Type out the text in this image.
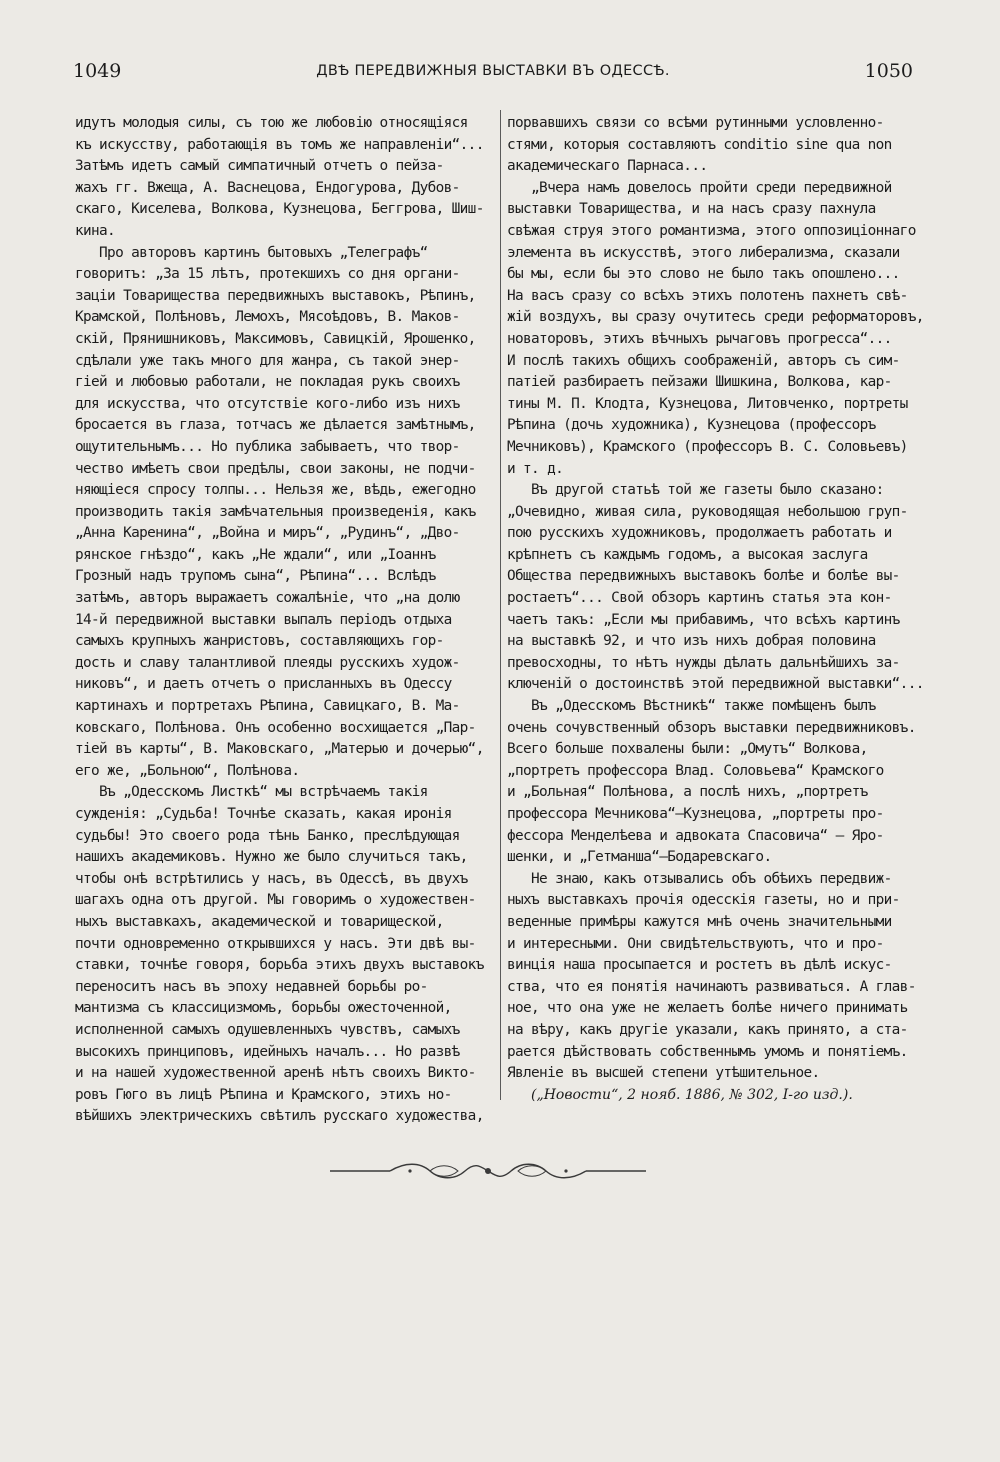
1049	ДВѢ ПЕРЕДВИЖНЫЯ ВЫСТАВКИ ВЪ ОДЕССѢ.	1050
идутъ молодыя силы, съ тою же любовію относящіяся
къ искусству, работающія въ томъ же направленіи“...
Затѣмъ идетъ самый симпатичный отчетъ о пейза-
жахъ гг. Вжеща, А. Васнецова, Ендогурова, Дубов-
скаго, Киселева, Волкова, Кузнецова, Беггрова, Шиш-
кина.
Про авторовъ картинъ бытовыхъ „Телеграфъ“
говоритъ: „За 15 лѣтъ, протекшихъ со дня органи-
заціи Товарищества передвижныхъ выставокъ, Рѣпинъ,
Крамской, Полѣновъ, Лемохъ, Мясоѣдовъ, В. Маков-
скій, Прянишниковъ, Максимовъ, Савицкій, Ярошенко,
сдѣлали уже такъ много для жанра, съ такой энер-
гіей и любовью работали, не покладая рукъ своихъ
для искусства, что отсутствіе кого-либо изъ нихъ
бросается въ глаза, тотчасъ же дѣлается замѣтнымъ,
ощутительнымъ... Но публика забываетъ, что твор-
чество имѣетъ свои предѣлы, свои законы, не подчи-
няющіеся спросу толпы... Нельзя же, вѣдь, ежегодно
производить такія замѣчательныя произведенія, какъ
„Анна Каренина“, „Война и миръ“, „Рудинъ“, „Дво-
рянское гнѣздо“, какъ „Не ждали“, или „Іоаннъ
Грозный надъ трупомъ сына“, Рѣпина“... Вслѣдъ
затѣмъ, авторъ выражаетъ сожалѣніе, что „на долю
14-й передвижной выставки выпалъ періодъ отдыха
самыхъ крупныхъ жанристовъ, составляющихъ гор-
дость и славу талантливой плеяды русскихъ худож-
никовъ“, и даетъ отчетъ о присланныхъ въ Одессу
картинахъ и портретахъ Рѣпина, Савицкаго, В. Ма-
ковскаго, Полѣнова. Онъ особенно восхищается „Пар-
тіей въ карты“, В. Маковскаго, „Матерью и дочерью“,
его же, „Больною“, Полѣнова.
Въ „Одесскомъ Листкѣ“ мы встрѣчаемъ такія
сужденія: „Судьба! Точнѣе сказать, какая иронія
судьбы! Это своего рода тѣнь Банко, преслѣдующая
нашихъ академиковъ. Нужно же было случиться такъ,
чтобы онѣ встрѣтились у насъ, въ Одессѣ, въ двухъ
шагахъ одна отъ другой. Мы говоримъ о художествен-
ныхъ выставкахъ, академической и товарищеской,
почти одновременно открывшихся у насъ. Эти двѣ вы-
ставки, точнѣе говоря, борьба этихъ двухъ выставокъ
переноситъ насъ въ эпоху недавней борьбы ро-
мантизма съ классицизмомъ, борьбы ожесточенной,
исполненной самыхъ одушевленныхъ чувствъ, самыхъ
высокихъ принциповъ, идейныхъ началъ... Но развѣ
и на нашей художественной аренѣ нѣтъ своихъ Викто-
ровъ Гюго въ лицѣ Рѣпина и Крамского, этихъ но-
вѣйшихъ электрическихъ свѣтилъ русскаго художества,
порвавшихъ связи со всѣми рутинными условленно-
стями, которыя составляютъ conditio sine qua non
академическаго Парнаса...
„Вчера намъ довелось пройти среди передвижной
выставки Товарищества, и на насъ сразу пахнула
свѣжая струя этого романтизма, этого оппозиціоннаго
элемента въ искусствѣ, этого либерализма, сказали
бы мы, если бы это слово не было такъ опошлено...
На васъ сразу со всѣхъ этихъ полотенъ пахнетъ свѣ-
жій воздухъ, вы сразу очутитесь среди реформаторовъ,
новаторовъ, этихъ вѣчныхъ рычаговъ прогресса“...
И послѣ такихъ общихъ соображеній, авторъ съ сим-
патіей разбираетъ пейзажи Шишкина, Волкова, кар-
тины М. П. Клодта, Кузнецова, Литовченко, портреты
Рѣпина (дочь художника), Кузнецова (профессоръ
Мечниковъ), Крамского (профессоръ В. С. Соловьевъ)
и т. д.
Въ другой статьѣ той же газеты было сказано:
„Очевидно, живая сила, руководящая небольшою груп-
пою русскихъ художниковъ, продолжаетъ работать и
крѣпнетъ съ каждымъ годомъ, а высокая заслуга
Общества передвижныхъ выставокъ болѣе и болѣе вы-
ростаетъ“... Свой обзоръ картинъ статья эта кон-
чаетъ такъ: „Если мы прибавимъ, что всѣхъ картинъ
на выставкѣ 92, и что изъ нихъ добрая половина
превосходны, то нѣтъ нужды дѣлать дальнѣйшихъ за-
ключеній о достоинствѣ этой передвижной выставки“...
Въ „Одесскомъ Вѣстникѣ“ также помѣщенъ былъ
очень сочувственный обзоръ выставки передвижниковъ.
Всего больше похвалены были: „Омутъ“ Волкова,
„портретъ профессора Влад. Соловьева“ Крамского
и „Больная“ Полѣнова, а послѣ нихъ, „портретъ
профессора Мечникова“—Кузнецова, „портреты про-
фессора Менделѣева и адвоката Спасовича“ — Яро-
шенки, и „Гетманша“—Бодаревскаго.
Не знаю, какъ отзывались объ обѣихъ передвиж-
ныхъ выставкахъ прочія одесскія газеты, но и при-
веденные примѣры кажутся мнѣ очень значительными
и интересными. Они свидѣтельствуютъ, что и про-
винція наша просыпается и ростетъ въ дѣлѣ искус-
ства, что ея понятія начинаютъ развиваться. А глав-
ное, что она уже не желаетъ болѣе ничего принимать
на вѣру, какъ другіе указали, какъ принято, а ста-
рается дѣйствовать собственнымъ умомъ и понятіемъ.
Явленіе въ высшей степени утѣшительное.
(„Новости“, 2 нояб. 1886, № 302, I-го изд.).
